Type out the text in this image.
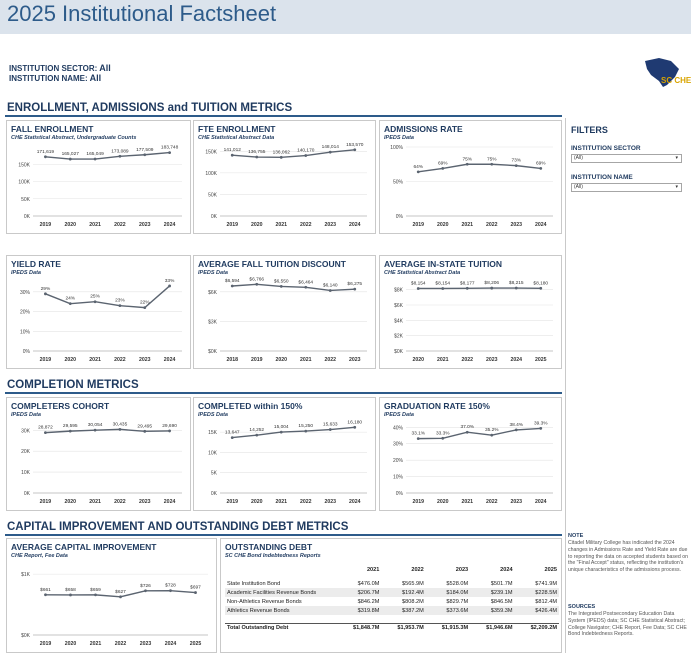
2025 Institutional Factsheet
INSTITUTION SECTOR: All
INSTITUTION NAME: All	SC CHE
ENROLLMENT, ADMISSIONS and TUITION METRICS
COMPLETION METRICS
CAPITAL IMPROVEMENT AND OUTSTANDING DEBT METRICS
FALL ENROLLMENT
CHE Statistical Abstract, Undergraduate Counts
0K
50K
100K
150K
2019	2020	2021	2022	2023	2024
171,619 165,027 165,049
173,089 177,509 183,748
FTE ENROLLMENT
CHE Statistical Abstract Data
0K
50K
100K
150K
2019 2020 2021 2022 2023 2024
141,012 136,755 136,062 140,170
148,014 153,570
ADMISSIONS RATE
IPEDS Data
0%
50%
100%
2019 2020 2021 2022 2023 2024
64%
69%
75%	75%	73%
69%
YIELD RATE
IPEDS Data
0%
10%
20%
30%
2019	2020	2021	2022	2023	2024
29%
24%	25%
23%	22%
33%
AVERAGE FALL TUITION DISCOUNT
IPEDS Data
$0K
$3K
$6K
2018 2019 2020 2021 2022 2023
$6,594 $6,766 $6,550 $6,464
$6,140 $6,275
AVERAGE IN-STATE TUITION
CHE Statistical Abstract Data
$0K
$2K
$4K
$6K
$8K
2020 2021 2022 2023 2024 2025
$8,154 $8,154 $8,177 $8,206 $8,215 $8,180
COMPLETERS COHORT
IPEDS Data
0K
10K
20K
30K
2019	2020	2021	2022	2023	2024
28,872 29,595 30,054 30,435 29,495 29,690
COMPLETED within 150%
IPEDS Data
0K
5K
10K
15K
2019 2020 2021 2022 2023 2024
13,647 14,252
15,004 15,250 15,633 16,180
GRADUATION RATE 150%
IPEDS Data
0%
10%
20%
30%
40%
2019 2020 2021 2022 2023 2024
33.1% 33.3%
37.0%
35.2%
38.4% 39.3%
AVERAGE CAPITAL IMPROVEMENT
CHE Report, Fee Data
$0K
$1K
2019	2020	2021	2022	2023	2024	2025
$661	$658	$659	$627
$726	$728	$697
OUTSTANDING DEBT
SC CHE Bond Indebtedness Reports
	2021	2022	2023	2024	2025

State Institution Bond	$476.0M	$565.9M	$528.0M	$501.7M	$741.9M
Academic Facilities Revenue Bonds	$206.7M	$192.4M	$184.0M	$239.1M	$228.5M
Non-Athletics Revenue Bonds	$846.2M	$808.2M	$829.7M	$846.5M	$812.4M
Athletics Revenue Bonds	$319.8M	$387.2M	$373.6M	$359.3M	$426.4M

Total Outstanding Debt	$1,848.7M	$1,953.7M	$1,915.3M	$1,946.6M	$2,209.2M
FILTERS
INSTITUTION SECTOR
(All)	▾
INSTITUTION NAME
(All)	▾
NOTE
Citadel Military College has indicated the 2024 changes in Admissions Rate and Yield Rate are due to reporting the data on accepted students based on the "Final Accept" status, reflecting the institution's unique characteristics of the admissions process.
SOURCES
The Integrated Postsecondary Education Data System (IPEDS) data; SC CHE Statistical Abstract; College Navigator; CHE Report, Fee Data; SC CHE Bond Indebtedness Reports.
